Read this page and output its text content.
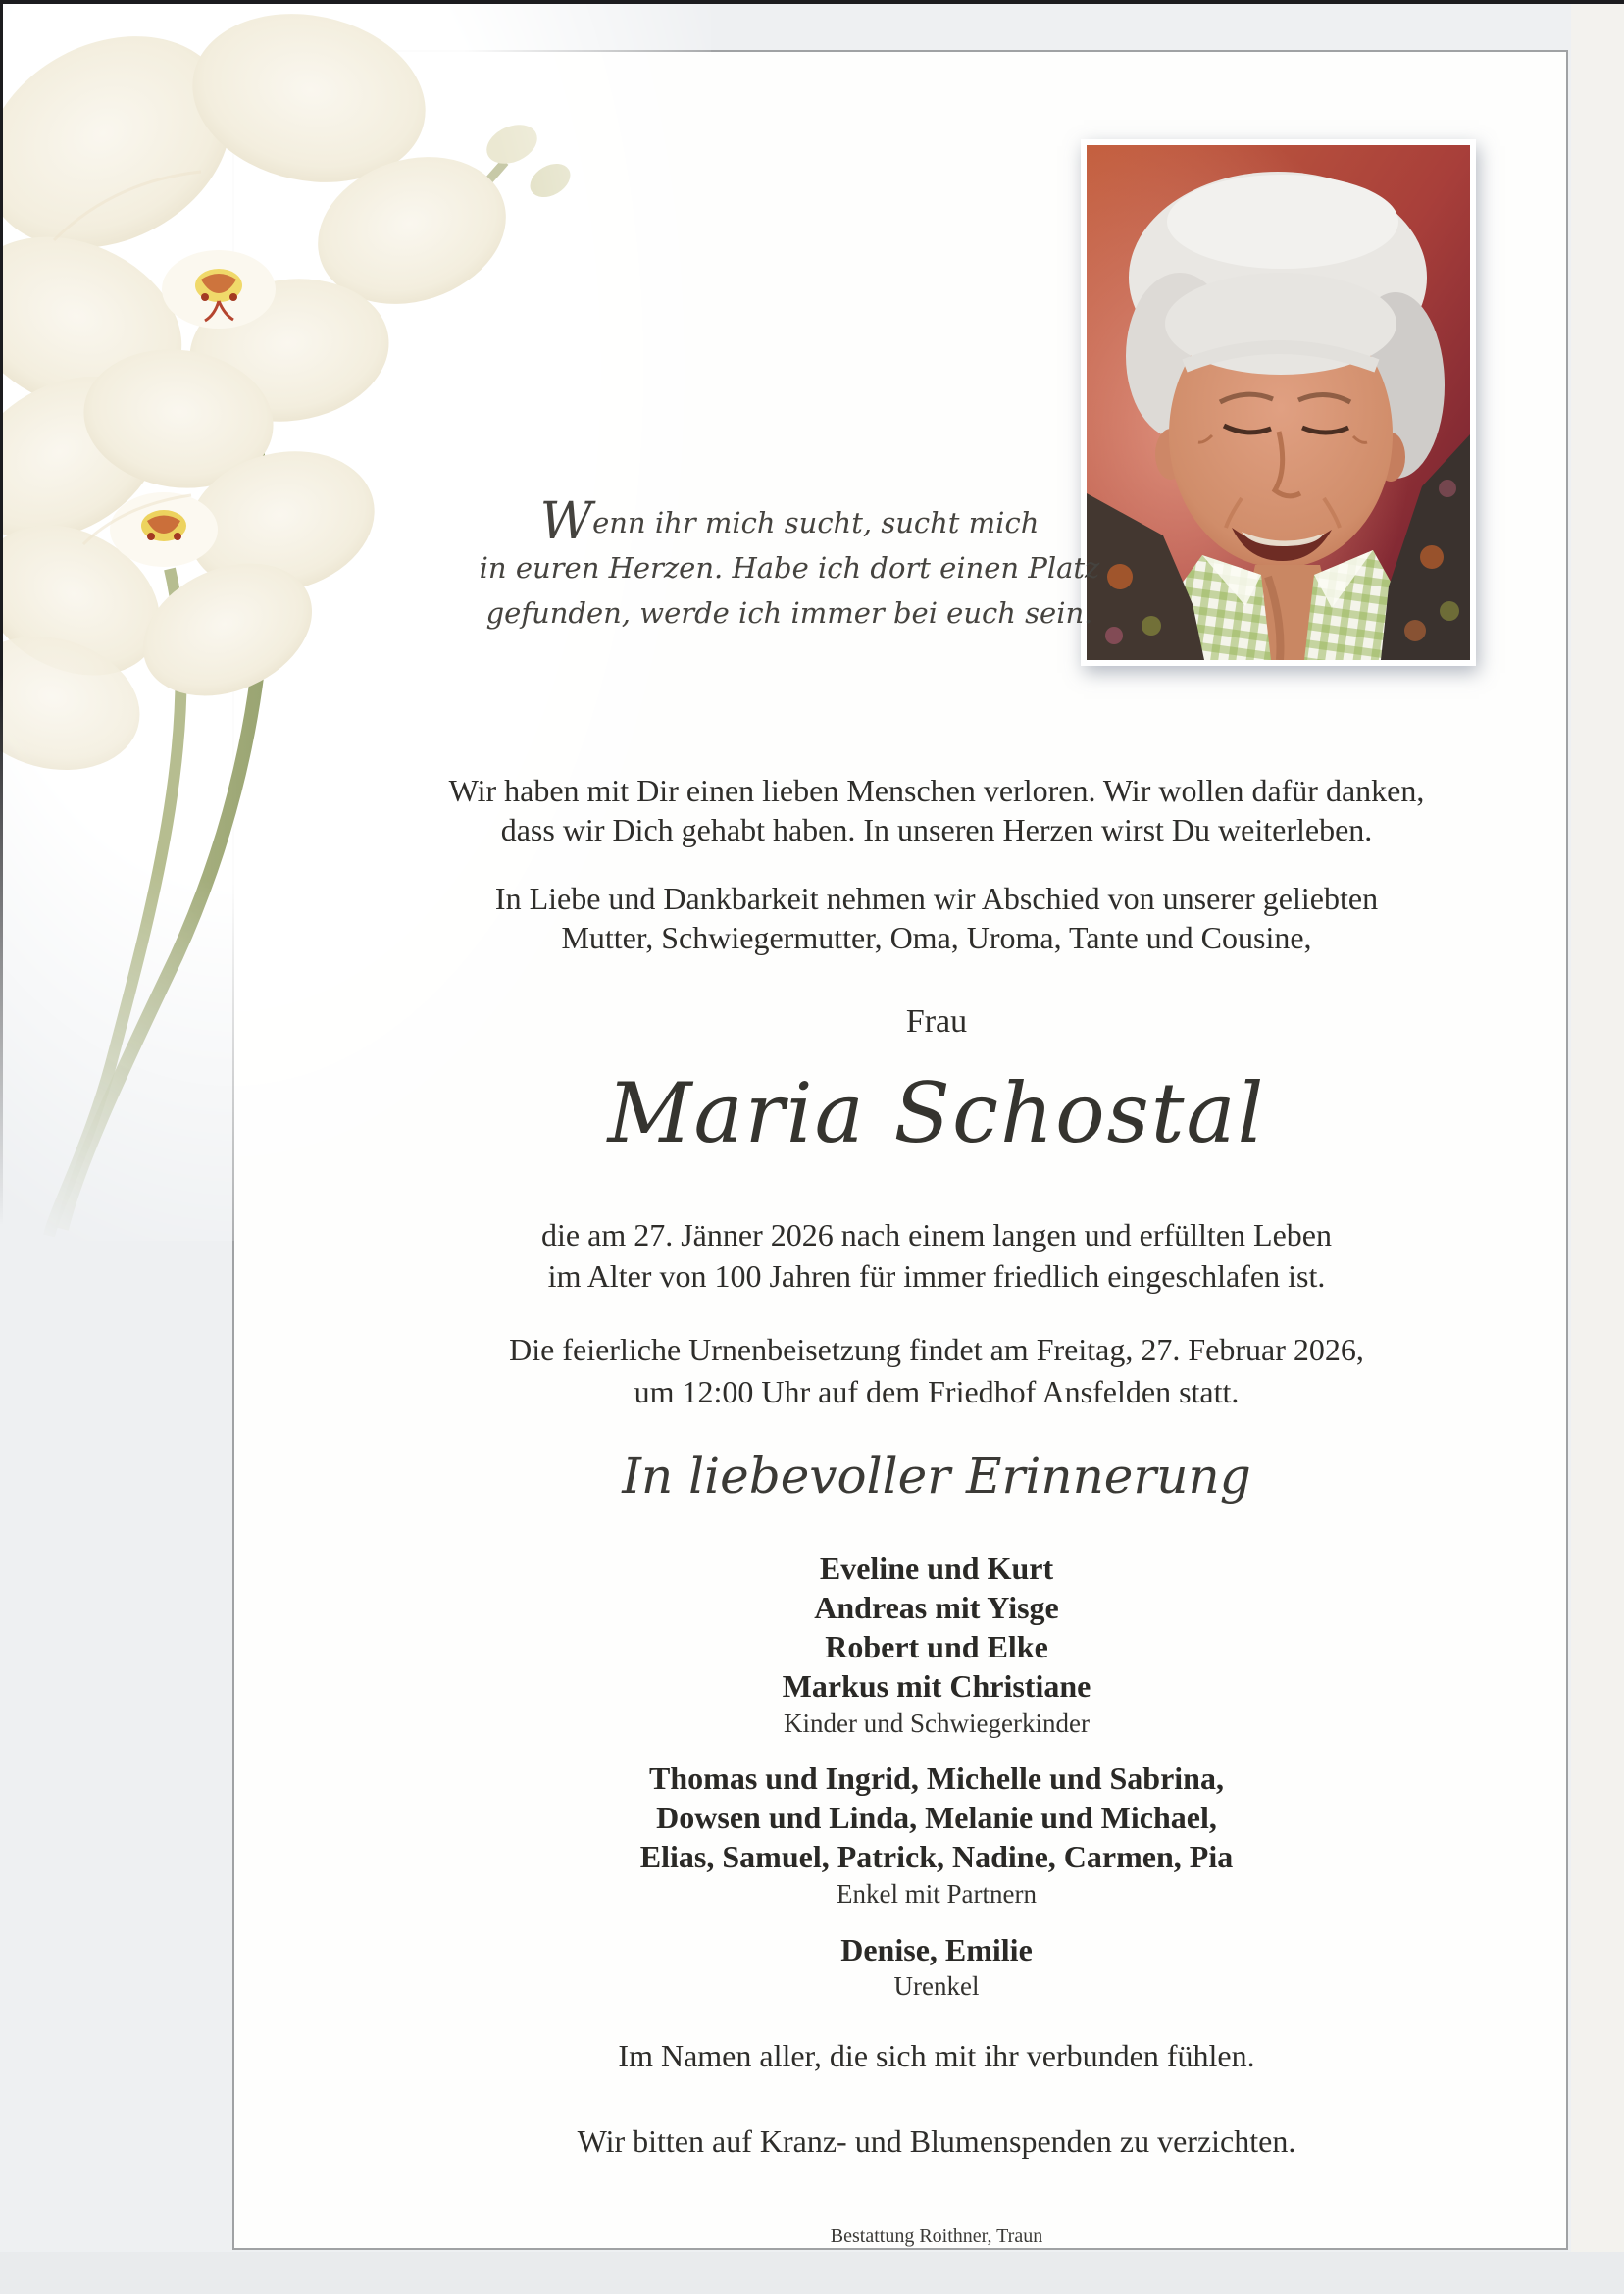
Wenn ihr mich sucht, sucht mich
in euren Herzen. Habe ich dort einen Platz
gefunden, werde ich immer bei euch sein.
Wir haben mit Dir einen lieben Menschen verloren. Wir wollen dafür danken,
dass wir Dich gehabt haben. In unseren Herzen wirst Du weiterleben.
In Liebe und Dankbarkeit nehmen wir Abschied von unserer geliebten
Mutter, Schwiegermutter, Oma, Uroma, Tante und Cousine,
Frau
Maria Schostal
die am 27. Jänner 2026 nach einem langen und erfüllten Leben
im Alter von 100 Jahren für immer friedlich eingeschlafen ist.
Die feierliche Urnenbeisetzung findet am Freitag, 27. Februar 2026,
um 12:00 Uhr auf dem Friedhof Ansfelden statt.
In liebevoller Erinnerung
Eveline und Kurt
Andreas mit Yisge
Robert und Elke
Markus mit Christiane
Kinder und Schwiegerkinder
Thomas und Ingrid, Michelle und Sabrina,
Dowsen und Linda, Melanie und Michael,
Elias, Samuel, Patrick, Nadine, Carmen, Pia
Enkel mit Partnern
Denise, Emilie
Urenkel
Im Namen aller, die sich mit ihr verbunden fühlen.
Wir bitten auf Kranz- und Blumenspenden zu verzichten.
Bestattung Roithner, Traun
